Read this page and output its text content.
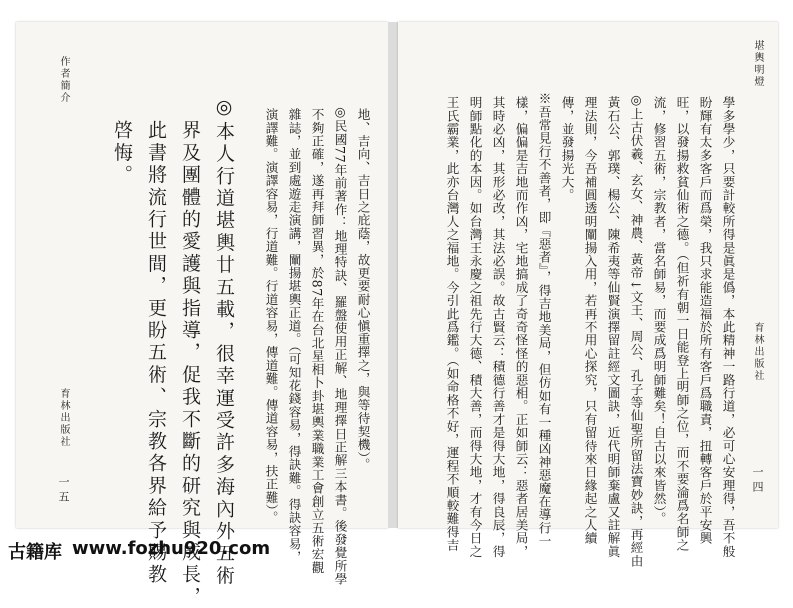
堪輿明燈
育林出版社
一四
學多學少，只要計較所得是眞是僞，本此精神一路行道，必可心安理得，吾不般
盼輝有太多客戶而爲榮，我只求能造福於所有客戶爲職責，扭轉客戶於平安興
旺，以發揚救貧仙術之德。（但祈有朝一日能登上明師之位，而不要淪爲名師之
流，修習五術，宗教者，當名師易，而要成爲明師難矣！自古以來皆然）。
◎上古伏羲、玄女、神農、黃帝↓文王、周公、孔子等仙聖所留法寶妙訣，再經由
黃石公、郭璞、楊公、陳希夷等仙賢演擇留註經文圖訣，近代明師棄盧又註解眞
理法則，今吾補圓透明闡揚入用，若再不用心探究，只有留待來日緣起之人續
傳，並發揚光大。
※吾常見行不善者，即『惡者』，得吉地美局，但仿如有一種凶神惡魔在導行一
樣，偏偏是吉地而作凶，宅地搞成了奇奇怪怪的惡相。正如師云：惡者居美局，
其時必凶，其形必改，其法必誤。故古賢云：積德行善才是得大地，得良辰，得
明師點化的本因。如台灣王永慶之祖先行大德、積大善，而得大地，才有今日之
王氏霸業，此亦台灣人之福地。今引此爲鑑。（如命格不好，運程不順較難得吉
地、吉向、吉日之庇蔭，故更要耐心愼重擇之，與等待契機）。
◎民國77年前著作：地理特訣、羅盤使用正解、地理擇日正解三本書。後發覺所學
不夠正確，遂再拜師習異，於87年在台北星相卜卦堪輿業職業工會創立五術宏觀
雜誌，並到處遊走演講，闡揚堪輿正道。（可知花錢容易，得訣難。得訣容易，
演譯難。演譯容易，行道難。行道容易，傳道難。傳道容易，扶正難）。
◎本人行道堪輿廿五載，很幸運受許多海內外五術
界及團體的愛護與指導，促我不斷的研究與成長，
此書將流行世間，更盼五術、宗教各界給予賜教
啓悔。
作者簡介
育林出版社
一五
古籍库 www.fozhu920.com
